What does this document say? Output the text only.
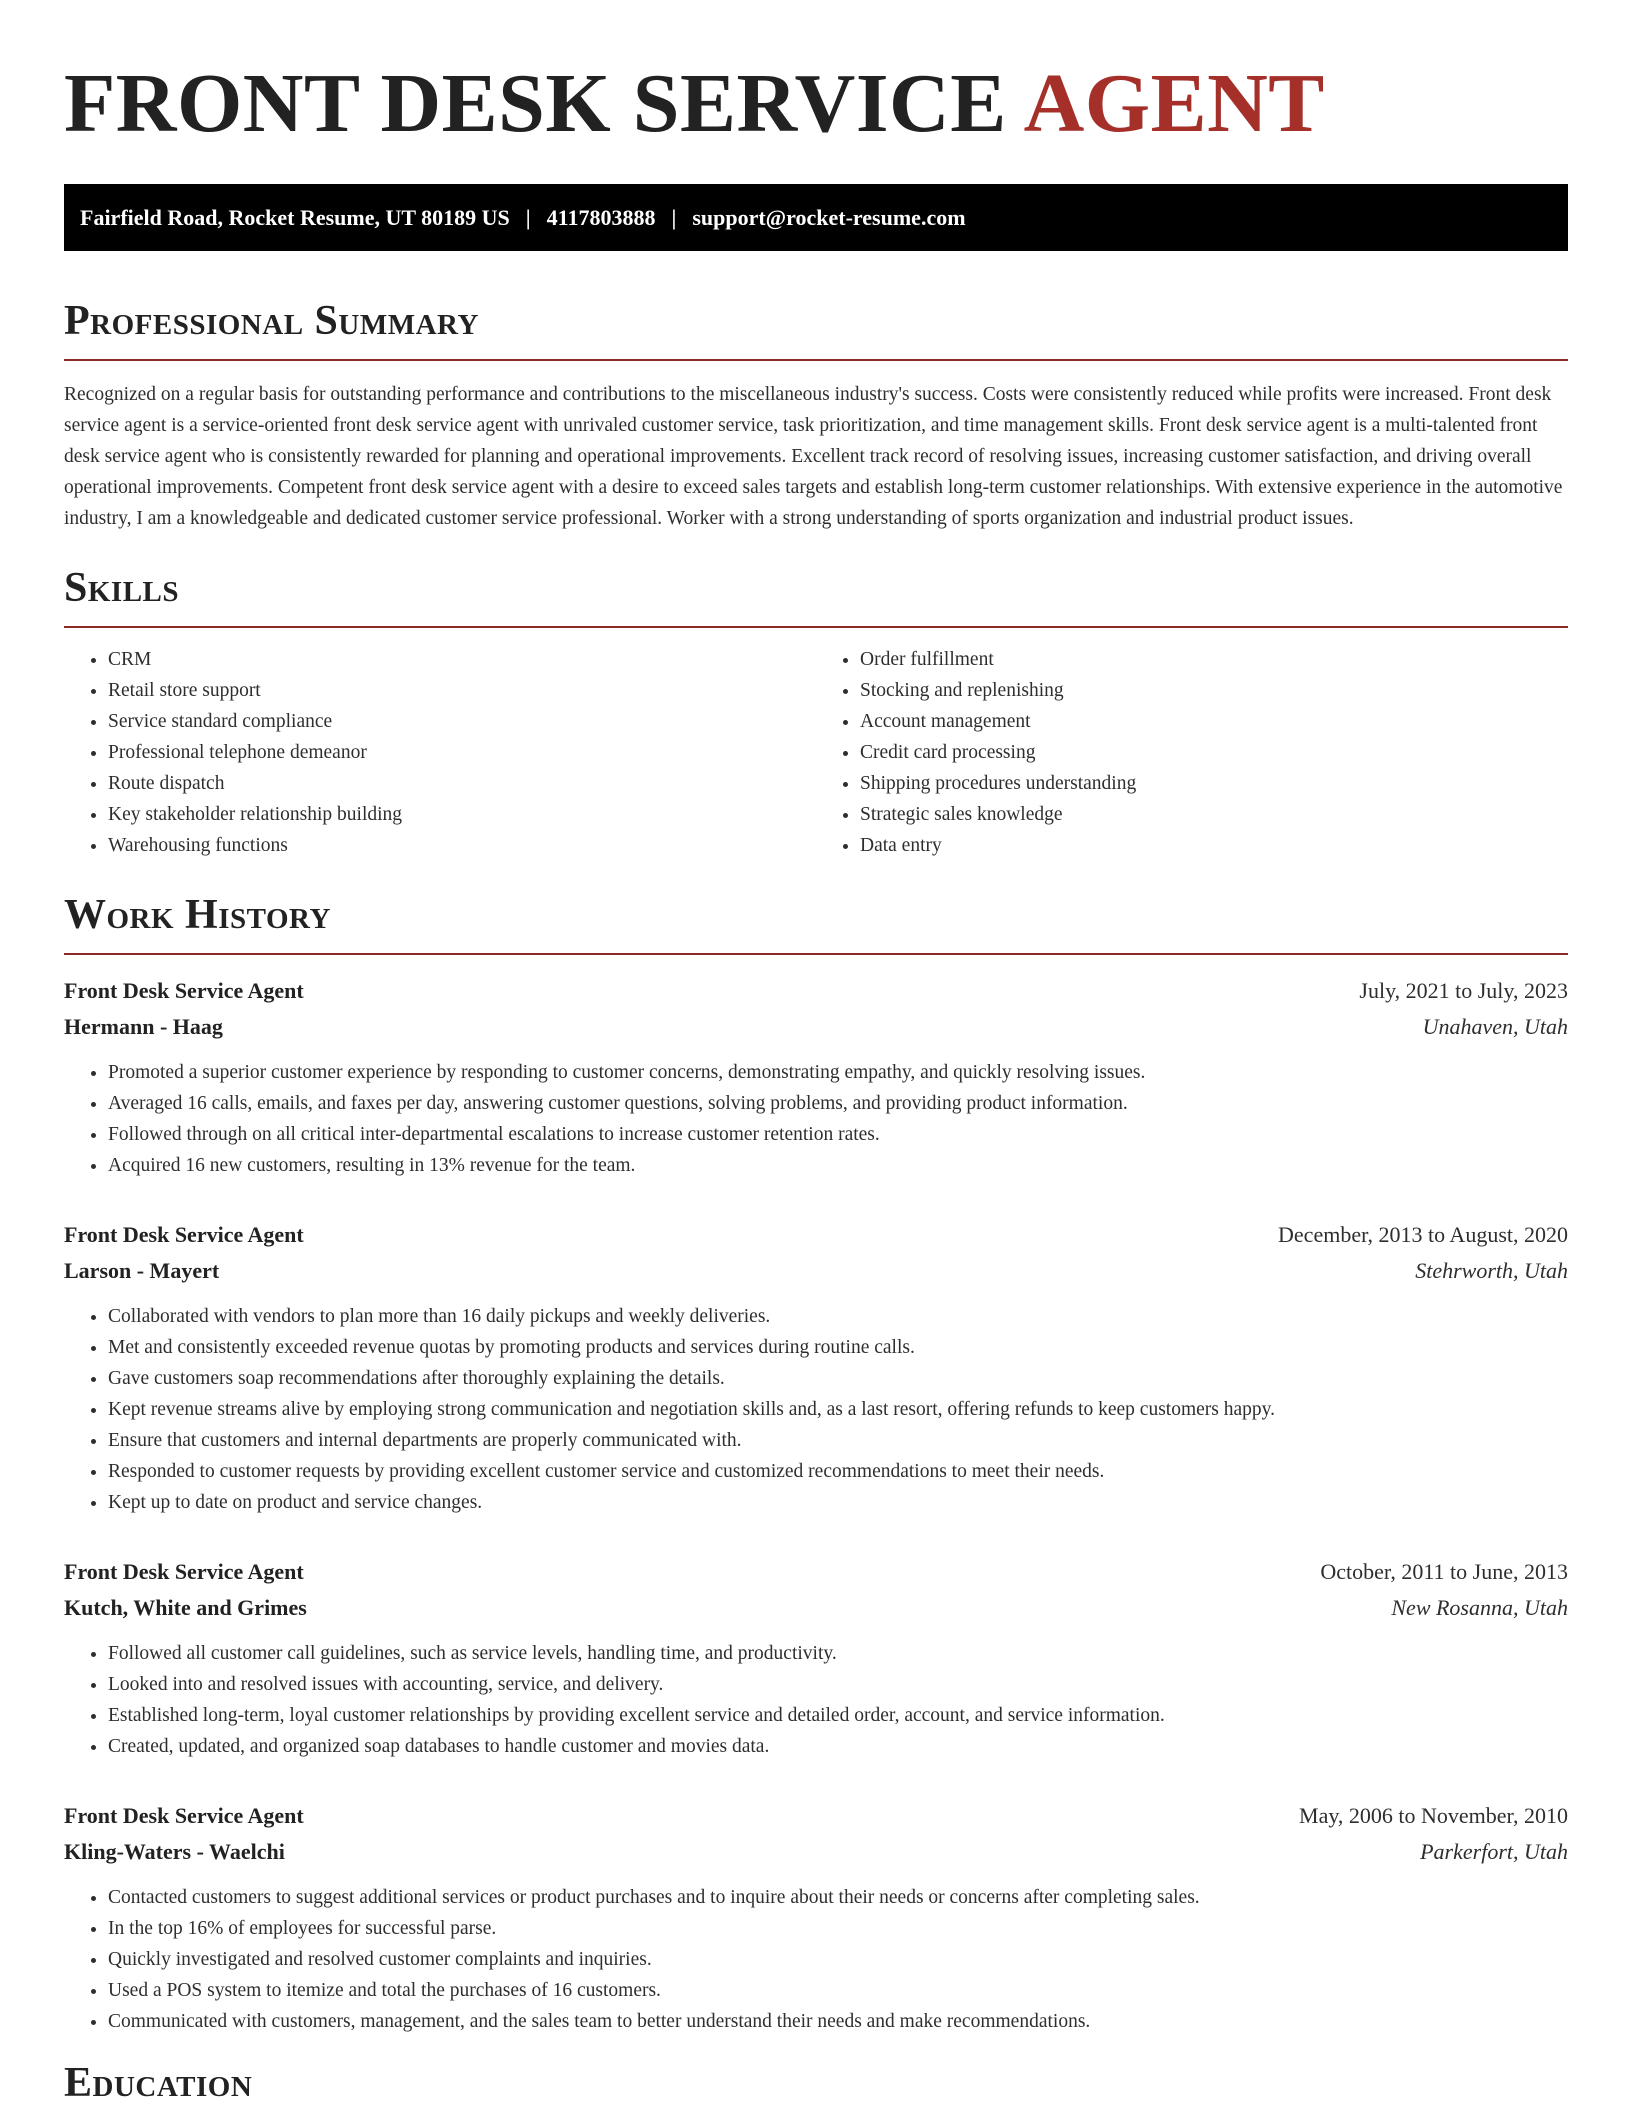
FRONT DESK SERVICE AGENT
Fairfield Road, Rocket Resume, UT 80189 US | 4117803888 | support@rocket-resume.com
Professional Summary

Recognized on a regular basis for outstanding performance and contributions to the miscellaneous industry's success. Costs were consistently reduced while profits were increased. Front desk service agent is a service-oriented front desk service agent with unrivaled customer service, task prioritization, and time management skills. Front desk service agent is a multi-talented front desk service agent who is consistently rewarded for planning and operational improvements. Excellent track record of resolving issues, increasing customer satisfaction, and driving overall operational improvements. Competent front desk service agent with a desire to exceed sales targets and establish long-term customer relationships. With extensive experience in the automotive industry, I am a knowledgeable and dedicated customer service professional. Worker with a strong understanding of sports organization and industrial product issues.

Skills
• CRM
• Retail store support
• Service standard compliance
• Professional telephone demeanor
• Route dispatch
• Key stakeholder relationship building
• Warehousing functions
• Order fulfillment
• Stocking and replenishing
• Account management
• Credit card processing
• Shipping procedures understanding
• Strategic sales knowledge
• Data entry
Work History
Front Desk Service Agent	July, 2021 to July, 2023
Hermann - Haag	Unahaven, Utah
• Promoted a superior customer experience by responding to customer concerns, demonstrating empathy, and quickly resolving issues.
• Averaged 16 calls, emails, and faxes per day, answering customer questions, solving problems, and providing product information.
• Followed through on all critical inter-departmental escalations to increase customer retention rates.
• Acquired 16 new customers, resulting in 13% revenue for the team.
Front Desk Service Agent	December, 2013 to August, 2020
Larson - Mayert	Stehrworth, Utah
• Collaborated with vendors to plan more than 16 daily pickups and weekly deliveries.
• Met and consistently exceeded revenue quotas by promoting products and services during routine calls.
• Gave customers soap recommendations after thoroughly explaining the details.
• Kept revenue streams alive by employing strong communication and negotiation skills and, as a last resort, offering refunds to keep customers happy.
• Ensure that customers and internal departments are properly communicated with.
• Responded to customer requests by providing excellent customer service and customized recommendations to meet their needs.
• Kept up to date on product and service changes.
Front Desk Service Agent	October, 2011 to June, 2013
Kutch, White and Grimes	New Rosanna, Utah
• Followed all customer call guidelines, such as service levels, handling time, and productivity.
• Looked into and resolved issues with accounting, service, and delivery.
• Established long-term, loyal customer relationships by providing excellent service and detailed order, account, and service information.
• Created, updated, and organized soap databases to handle customer and movies data.
Front Desk Service Agent	May, 2006 to November, 2010
Kling-Waters - Waelchi	Parkerfort, Utah
• Contacted customers to suggest additional services or product purchases and to inquire about their needs or concerns after completing sales.
• In the top 16% of employees for successful parse.
• Quickly investigated and resolved customer complaints and inquiries.
• Used a POS system to itemize and total the purchases of 16 customers.
• Communicated with customers, management, and the sales team to better understand their needs and make recommendations.
Education
